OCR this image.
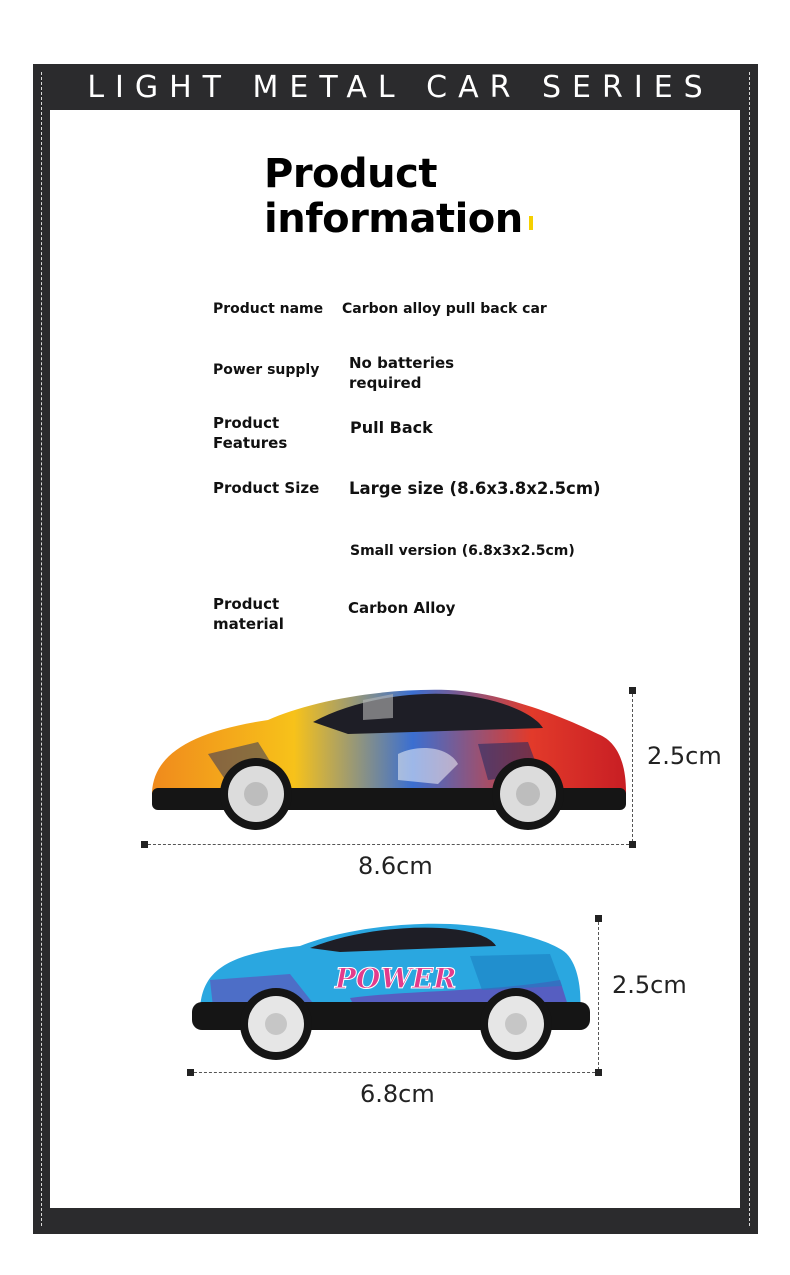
LIGHT METAL CAR SERIES
Product
information
Product name Carbon alloy pull back car
Power supply No batteries
required
Product
Features
Pull Back
Product Size Large size (8.6x3.8x2.5cm)
Small version (6.8x3x2.5cm)
Product
material
Carbon Alloy
2.5cm
8.6cm
POWER	2.5cm
6.8cm
